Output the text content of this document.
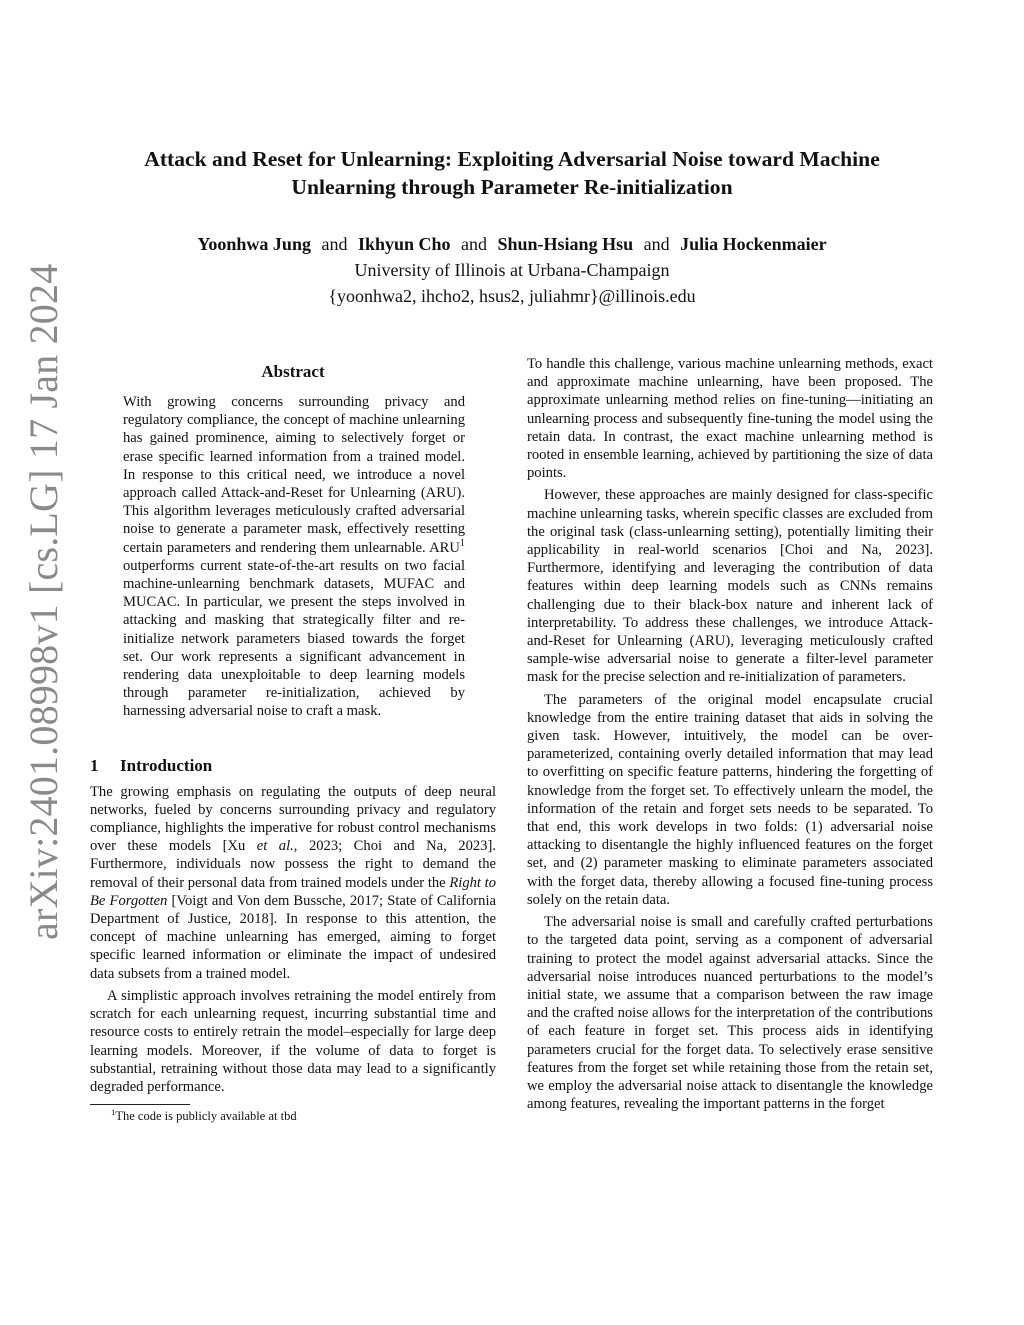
arXiv:2401.08998v1 [cs.LG] 17 Jan 2024
Attack and Reset for Unlearning: Exploiting Adversarial Noise toward Machine
Unlearning through Parameter Re-initialization
Yoonhwa Jung and Ikhyun Cho and Shun-Hsiang Hsu and Julia Hockenmaier
University of Illinois at Urbana-Champaign
{yoonhwa2, ihcho2, hsus2, juliahmr}@illinois.edu
Abstract
With growing concerns surrounding privacy and regulatory compliance, the concept of machine unlearning has gained prominence, aiming to selectively forget or erase specific learned information from a trained model. In response to this critical need, we introduce a novel approach called Attack-and-Reset for Unlearning (ARU). This algorithm leverages meticulously crafted adversarial noise to generate a parameter mask, effectively resetting certain parameters and rendering them unlearnable. ARU$^1$ outperforms current state-of-the-art results on two facial machine-unlearning benchmark datasets, MUFAC and MUCAC. In particular, we present the steps involved in attacking and masking that strategically filter and re-initialize network parameters biased towards the forget set. Our work represents a significant advancement in rendering data unexploitable to deep learning models through parameter re-initialization, achieved by harnessing adversarial noise to craft a mask.
1 Introduction

The growing emphasis on regulating the outputs of deep neural networks, fueled by concerns surrounding privacy and regulatory compliance, highlights the imperative for robust control mechanisms over these models [Xu et al., 2023; Choi and Na, 2023]. Furthermore, individuals now possess the right to demand the removal of their personal data from trained models under the Right to Be Forgotten [Voigt and Von dem Bussche, 2017; State of California Department of Justice, 2018]. In response to this attention, the concept of machine unlearning has emerged, aiming to forget specific learned information or eliminate the impact of undesired data subsets from a trained model.

A simplistic approach involves retraining the model entirely from scratch for each unlearning request, incurring substantial time and resource costs to entirely retrain the model–especially for large deep learning models. Moreover, if the volume of data to forget is substantial, retraining without those data may lead to a significantly degraded performance.

$^1$The code is publicly available at tbd

To handle this challenge, various machine unlearning methods, exact and approximate machine unlearning, have been proposed. The approximate unlearning method relies on fine-tuning—initiating an unlearning process and subsequently fine-tuning the model using the retain data. In contrast, the exact machine unlearning method is rooted in ensemble learning, achieved by partitioning the size of data points.

However, these approaches are mainly designed for class-specific machine unlearning tasks, wherein specific classes are excluded from the original task (class-unlearning setting), potentially limiting their applicability in real-world scenarios [Choi and Na, 2023]. Furthermore, identifying and leveraging the contribution of data features within deep learning models such as CNNs remains challenging due to their black-box nature and inherent lack of interpretability. To address these challenges, we introduce Attack-and-Reset for Unlearning (ARU), leveraging meticulously crafted sample-wise adversarial noise to generate a filter-level parameter mask for the precise selection and re-initialization of parameters.

The parameters of the original model encapsulate crucial knowledge from the entire training dataset that aids in solving the given task. However, intuitively, the model can be over-parameterized, containing overly detailed information that may lead to overfitting on specific feature patterns, hindering the forgetting of knowledge from the forget set. To effectively unlearn the model, the information of the retain and forget sets needs to be separated. To that end, this work develops in two folds: (1) adversarial noise attacking to disentangle the highly influenced features on the forget set, and (2) parameter masking to eliminate parameters associated with the forget data, thereby allowing a focused fine-tuning process solely on the retain data.

The adversarial noise is small and carefully crafted perturbations to the targeted data point, serving as a component of adversarial training to protect the model against adversarial attacks. Since the adversarial noise introduces nuanced perturbations to the model’s initial state, we assume that a comparison between the raw image and the crafted noise allows for the interpretation of the contributions of each feature in forget set. This process aids in identifying parameters crucial for the forget data. To selectively erase sensitive features from the forget set while retaining those from the retain set, we employ the adversarial noise attack to disentangle the knowledge among features, revealing the important patterns in the forget
